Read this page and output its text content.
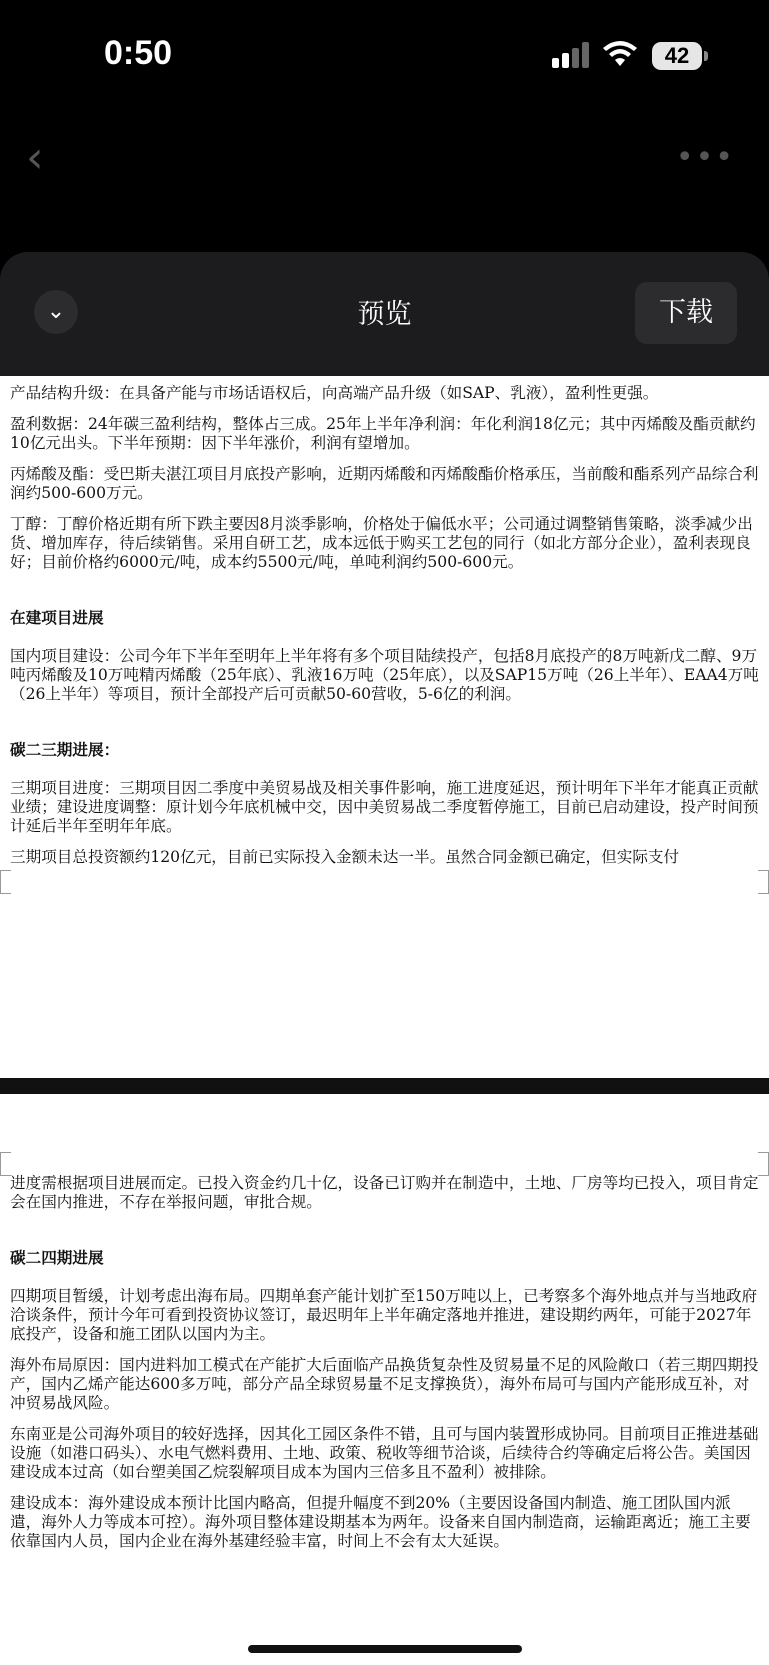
0:50	42
‹	•••
⌄	预览	下载

产品结构升级：在具备产能与市场话语权后，向高端产品升级（如SAP、乳液），盈利性更强。

盈利数据：24年碳三盈利结构，整体占三成。25年上半年净利润：年化利润18亿元；其中丙烯酸及酯贡献约10亿元出头。下半年预期：因下半年涨价，利润有望增加。

丙烯酸及酯：受巴斯夫湛江项目月底投产影响，近期丙烯酸和丙烯酸酯价格承压，当前酸和酯系列产品综合利润约500-600万元。

丁醇：丁醇价格近期有所下跌主要因8月淡季影响，价格处于偏低水平；公司通过调整销售策略，淡季减少出货、增加库存，待后续销售。采用自研工艺，成本远低于购买工艺包的同行（如北方部分企业），盈利表现良好；目前价格约6000元/吨，成本约5500元/吨，单吨利润约500-600元。

在建项目进展

国内项目建设：公司今年下半年至明年上半年将有多个项目陆续投产，包括8月底投产的8万吨新戊二醇、9万吨丙烯酸及10万吨精丙烯酸（25年底）、乳液16万吨（25年底），以及SAP15万吨（26上半年）、EAA4万吨（26上半年）等项目，预计全部投产后可贡献50-60营收，5-6亿的利润。

碳二三期进展：

三期项目进度：三期项目因二季度中美贸易战及相关事件影响，施工进度延迟，预计明年下半年才能真正贡献业绩；建设进度调整：原计划今年底机械中交，因中美贸易战二季度暂停施工，目前已启动建设，投产时间预计延后半年至明年年底。

三期项目总投资额约120亿元，目前已实际投入金额未达一半。虽然合同金额已确定，但实际支付

进度需根据项目进展而定。已投入资金约几十亿，设备已订购并在制造中，土地、厂房等均已投入，项目肯定会在国内推进，不存在举报问题，审批合规。

碳二四期进展

四期项目暂缓，计划考虑出海布局。四期单套产能计划扩至150万吨以上，已考察多个海外地点并与当地政府洽谈条件，预计今年可看到投资协议签订，最迟明年上半年确定落地并推进，建设期约两年，可能于2027年底投产，设备和施工团队以国内为主。

海外布局原因：国内进料加工模式在产能扩大后面临产品换货复杂性及贸易量不足的风险敞口（若三期四期投产，国内乙烯产能达600多万吨，部分产品全球贸易量不足支撑换货），海外布局可与国内产能形成互补，对冲贸易战风险。

东南亚是公司海外项目的较好选择，因其化工园区条件不错，且可与国内装置形成协同。目前项目正推进基础设施（如港口码头）、水电气燃料费用、土地、政策、税收等细节洽谈，后续待合约等确定后将公告。美国因建设成本过高（如台塑美国乙烷裂解项目成本为国内三倍多且不盈利）被排除。

建设成本：海外建设成本预计比国内略高，但提升幅度不到20%（主要因设备国内制造、施工团队国内派遣，海外人力等成本可控）。海外项目整体建设期基本为两年。设备来自国内制造商，运输距离近；施工主要依靠国内人员，国内企业在海外基建经验丰富，时间上不会有太大延误。
